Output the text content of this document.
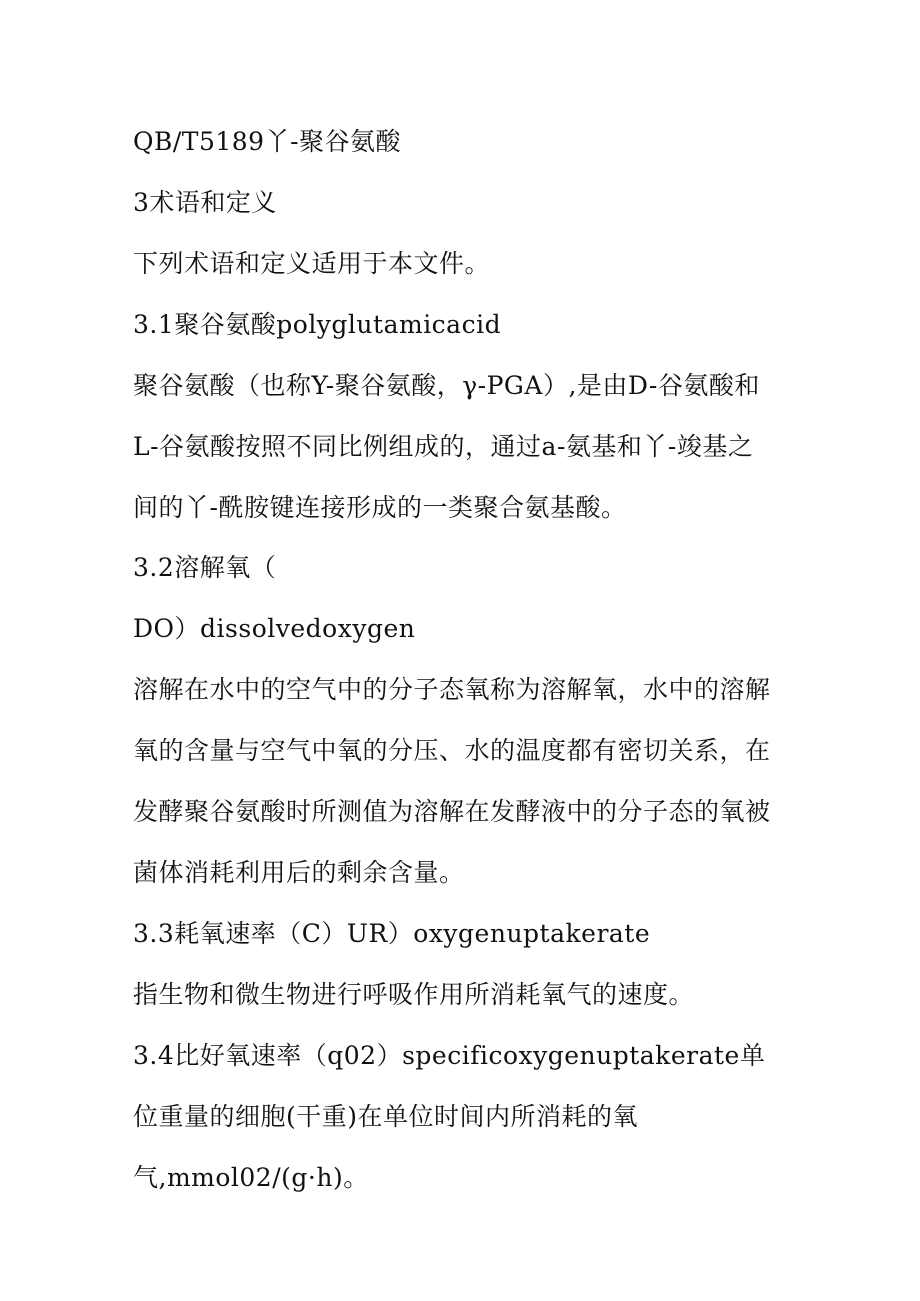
QB/T5189丫-聚谷氨酸

3术语和定义

下列术语和定义适用于本文件。

3.1聚谷氨酸polyglutamicacid

聚谷氨酸（也称Y-聚谷氨酸，γ-PGA）,是由D-谷氨酸和

L-谷氨酸按照不同比例组成的，通过a-氨基和丫-竣基之

间的丫-酰胺键连接形成的一类聚合氨基酸。

3.2溶解氧（

DO）dissolvedoxygen

溶解在水中的空气中的分子态氧称为溶解氧，水中的溶解

氧的含量与空气中氧的分压、水的温度都有密切关系，在

发酵聚谷氨酸时所测值为溶解在发酵液中的分子态的氧被

菌体消耗利用后的剩余含量。

3.3耗氧速率（C）UR）oxygenuptakerate

指生物和微生物进行呼吸作用所消耗氧气的速度。

3.4比好氧速率（q02）specificoxygenuptakerate单

位重量的细胞(干重)在单位时间内所消耗的氧

气,mmol02/(g·h)。
